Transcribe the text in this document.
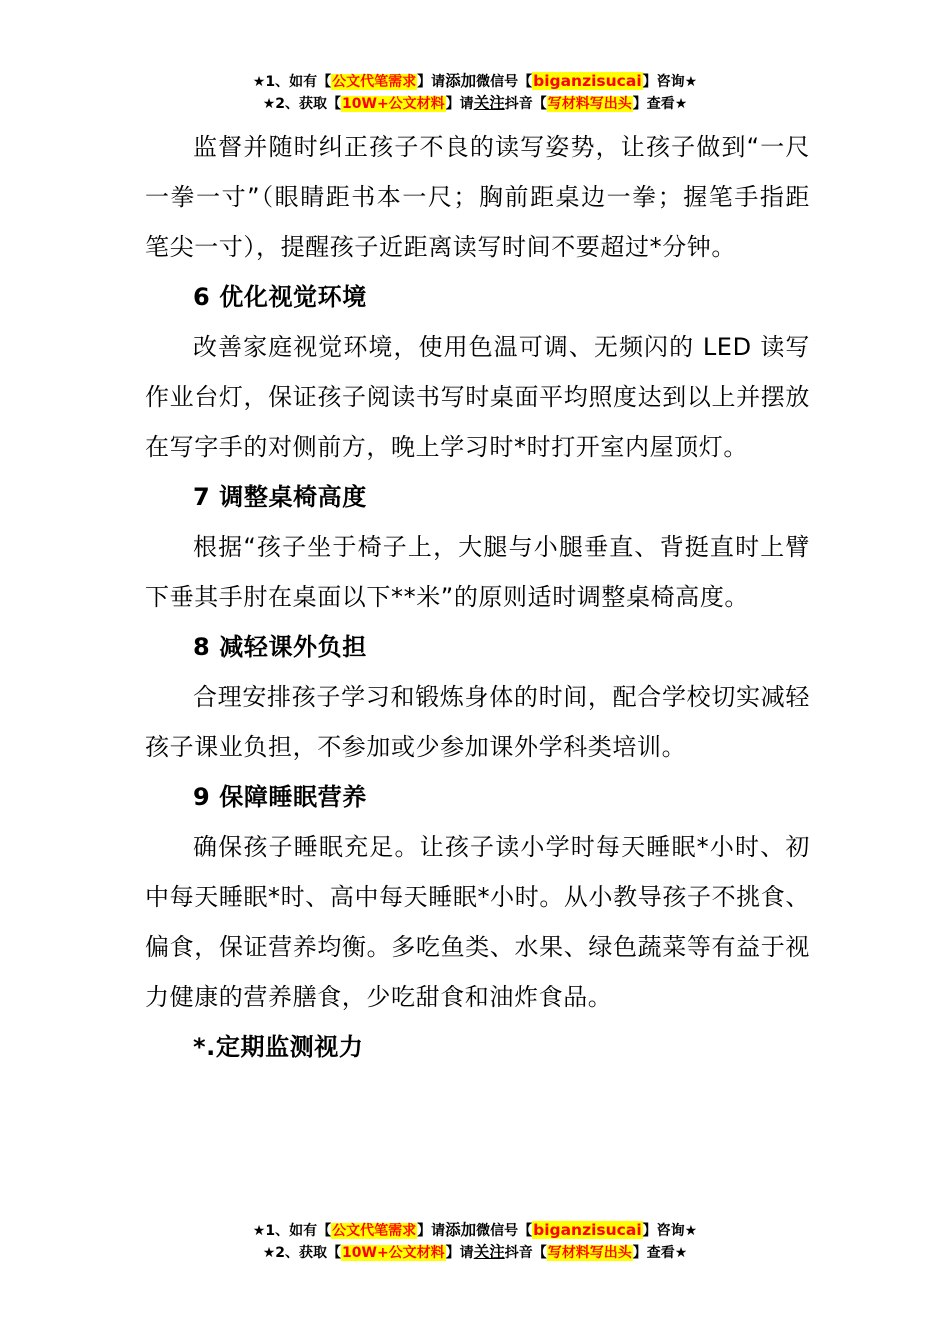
★1、如有【公文代笔需求】请添加微信号【biganzisucai】咨询★
★2、获取【10W+公文材料】请关注抖音【写材料写出头】查看★

监督并随时纠正孩子不良的读写姿势，让孩子做到“一尺一拳一寸”（眼睛距书本一尺；胸前距桌边一拳；握笔手指距笔尖一寸），提醒孩子近距离读写时间不要超过*分钟。

6 优化视觉环境

改善家庭视觉环境，使用色温可调、无频闪的 LED 读写作业台灯，保证孩子阅读书写时桌面平均照度达到以上并摆放在写字手的对侧前方，晚上学习时*时打开室内屋顶灯。

7 调整桌椅高度

根据“孩子坐于椅子上，大腿与小腿垂直、背挺直时上臂下垂其手肘在桌面以下**米”的原则适时调整桌椅高度。

8 减轻课外负担

合理安排孩子学习和锻炼身体的时间，配合学校切实减轻孩子课业负担，不参加或少参加课外学科类培训。

9 保障睡眠营养

确保孩子睡眠充足。让孩子读小学时每天睡眠*小时、初中每天睡眠*时、高中每天睡眠*小时。从小教导孩子不挑食、偏食，保证营养均衡。多吃鱼类、水果、绿色蔬菜等有益于视力健康的营养膳食，少吃甜食和油炸食品。

*.定期监测视力

★1、如有【公文代笔需求】请添加微信号【biganzisucai】咨询★
★2、获取【10W+公文材料】请关注抖音【写材料写出头】查看★
